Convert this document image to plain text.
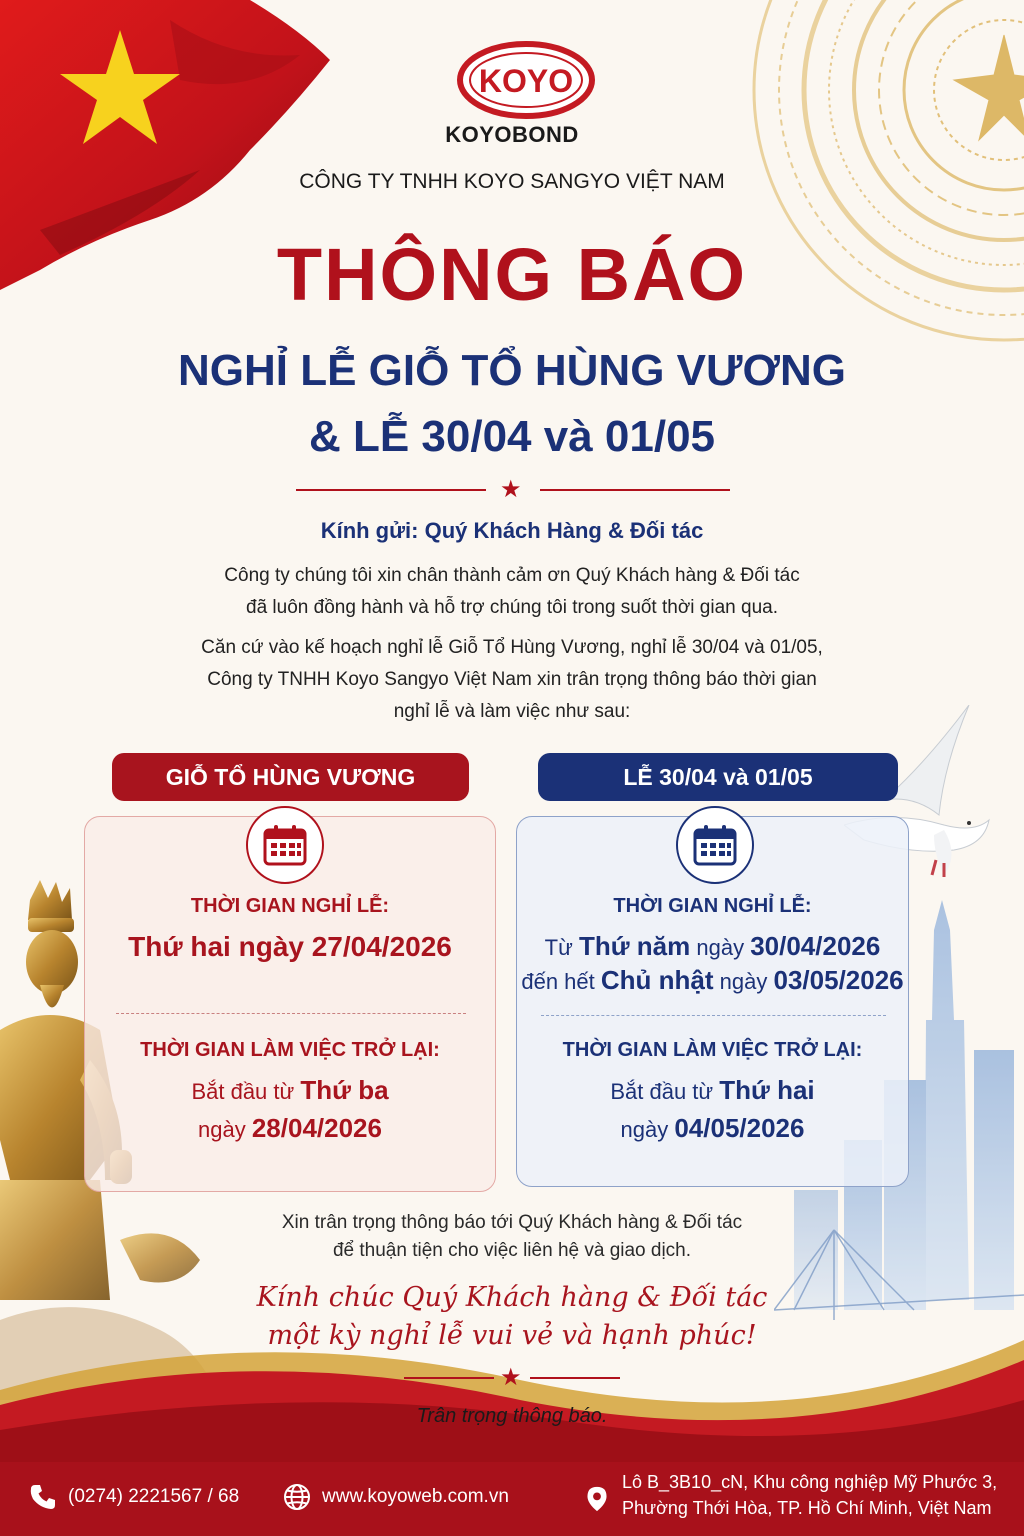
KOYO
KOYOBOND
CÔNG TY TNHH KOYO SANGYO VIỆT NAM
THÔNG BÁO
NGHỈ LỄ GIỖ TỔ HÙNG VƯƠNG
& LỄ 30/04 và 01/05
★
Kính gửi: Quý Khách Hàng & Đối tác
Công ty chúng tôi xin chân thành cảm ơn Quý Khách hàng & Đối tác
đã luôn đồng hành và hỗ trợ chúng tôi trong suốt thời gian qua.
Căn cứ vào kế hoạch nghỉ lễ Giỗ Tổ Hùng Vương, nghỉ lễ 30/04 và 01/05,
Công ty TNHH Koyo Sangyo Việt Nam xin trân trọng thông báo thời gian
nghỉ lễ và làm việc như sau:
GIỖ TỔ HÙNG VƯƠNG
THỜI GIAN NGHỈ LỄ:
Thứ hai ngày 27/04/2026
THỜI GIAN LÀM VIỆC TRỞ LẠI:
Bắt đầu từ Thứ ba
ngày 28/04/2026
LỄ 30/04 và 01/05
THỜI GIAN NGHỈ LỄ:
Từ Thứ năm ngày 30/04/2026
đến hết Chủ nhật ngày 03/05/2026
THỜI GIAN LÀM VIỆC TRỞ LẠI:
Bắt đầu từ Thứ hai
ngày 04/05/2026
Xin trân trọng thông báo tới Quý Khách hàng & Đối tác
để thuận tiện cho việc liên hệ và giao dịch.
Kính chúc Quý Khách hàng & Đối tác
một kỳ nghỉ lễ vui vẻ và hạnh phúc!
★
Trân trọng thông báo.
(0274) 2221567 / 68	www.koyoweb.com.vn
Lô B_3B10_cN, Khu công nghiệp Mỹ Phước 3,
Phường Thới Hòa, TP. Hồ Chí Minh, Việt Nam
